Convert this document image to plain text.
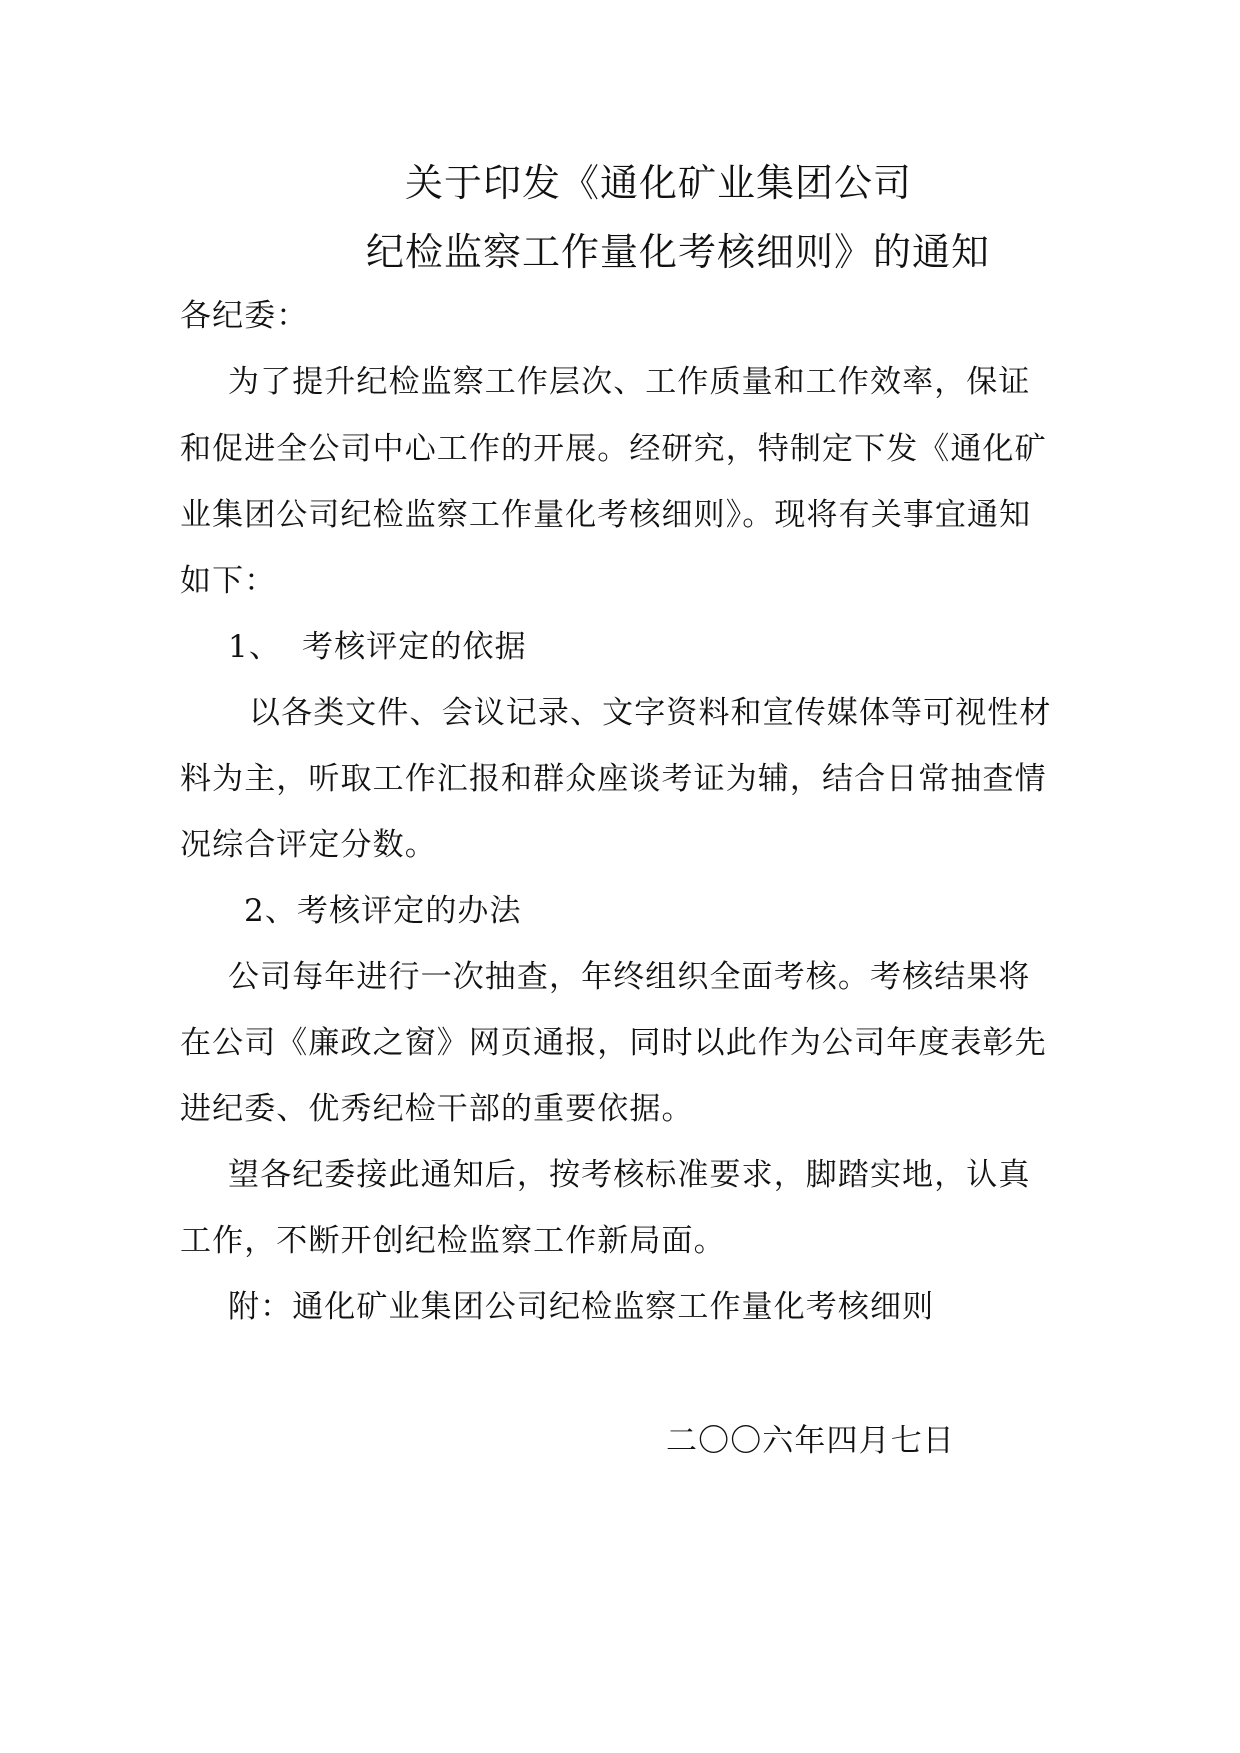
关于印发《通化矿业集团公司
纪检监察工作量化考核细则》的通知
各纪委：
为了提升纪检监察工作层次、工作质量和工作效率，保证
和促进全公司中心工作的开展。经研究，特制定下发《通化矿
业集团公司纪检监察工作量化考核细则》。现将有关事宜通知
如下：
1、 考核评定的依据
以各类文件、会议记录、文字资料和宣传媒体等可视性材
料为主，听取工作汇报和群众座谈考证为辅，结合日常抽查情
况综合评定分数。
2、考核评定的办法
公司每年进行一次抽查，年终组织全面考核。考核结果将
在公司《廉政之窗》网页通报，同时以此作为公司年度表彰先
进纪委、优秀纪检干部的重要依据。
望各纪委接此通知后，按考核标准要求，脚踏实地，认真
工作，不断开创纪检监察工作新局面。
附：通化矿业集团公司纪检监察工作量化考核细则
二〇〇六年四月七日
